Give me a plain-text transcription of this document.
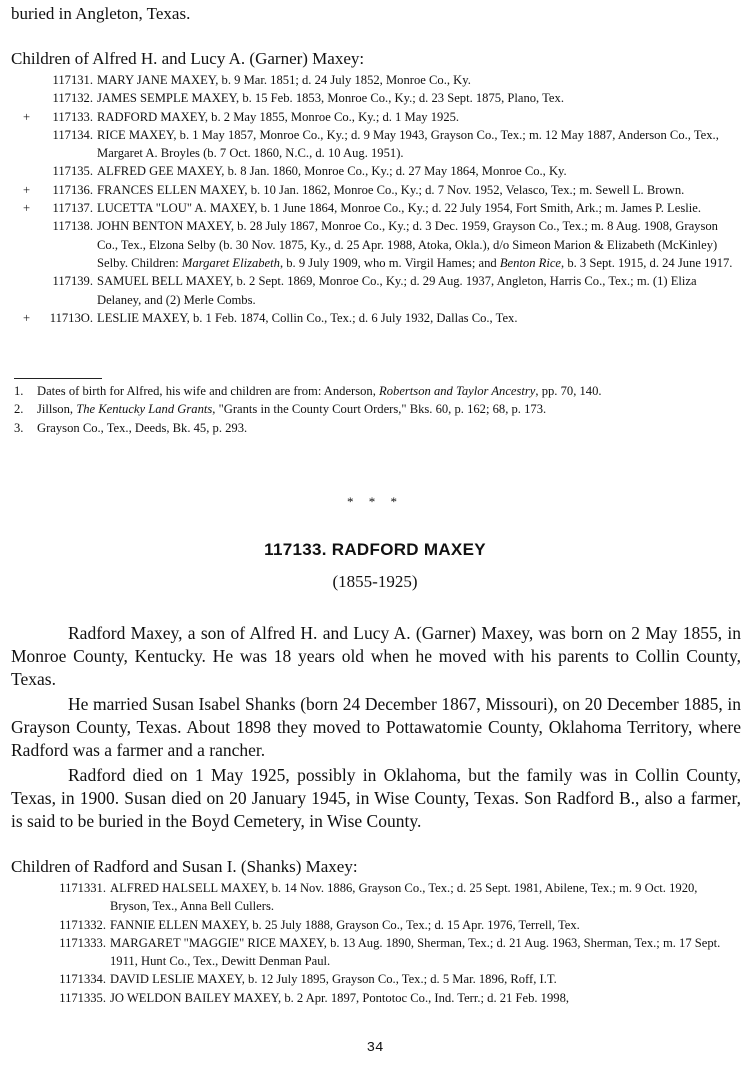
buried in Angleton, Texas.
Children of Alfred H. and Lucy A. (Garner) Maxey:
117131. MARY JANE MAXEY, b. 9 Mar. 1851; d. 24 July 1852, Monroe Co., Ky.
117132. JAMES SEMPLE MAXEY, b. 15 Feb. 1853, Monroe Co., Ky.; d. 23 Sept. 1875, Plano, Tex.
+	117133. RADFORD MAXEY, b. 2 May 1855, Monroe Co., Ky.; d. 1 May 1925.
117134. RICE MAXEY, b. 1 May 1857, Monroe Co., Ky.; d. 9 May 1943, Grayson Co., Tex.; m. 12 May 1887, Anderson Co., Tex., Margaret A. Broyles (b. 7 Oct. 1860, N.C., d. 10 Aug. 1951).
117135. ALFRED GEE MAXEY, b. 8 Jan. 1860, Monroe Co., Ky.; d. 27 May 1864, Monroe Co., Ky.
+	117136. FRANCES ELLEN MAXEY, b. 10 Jan. 1862, Monroe Co., Ky.; d. 7 Nov. 1952, Velasco, Tex.; m. Sewell L. Brown.
+	117137. LUCETTA "LOU" A. MAXEY, b. 1 June 1864, Monroe Co., Ky.; d. 22 July 1954, Fort Smith, Ark.; m. James P. Leslie.
117138. JOHN BENTON MAXEY, b. 28 July 1867, Monroe Co., Ky.; d. 3 Dec. 1959, Grayson Co., Tex.; m. 8 Aug. 1908, Grayson Co., Tex., Elzona Selby (b. 30 Nov. 1875, Ky., d. 25 Apr. 1988, Atoka, Okla.), d/o Simeon Marion & Elizabeth (McKinley) Selby. Children: Margaret Elizabeth, b. 9 July 1909, who m. Virgil Hames; and Benton Rice, b. 3 Sept. 1915, d. 24 June 1917.
117139. SAMUEL BELL MAXEY, b. 2 Sept. 1869, Monroe Co., Ky.; d. 29 Aug. 1937, Angleton, Harris Co., Tex.; m. (1) Eliza Delaney, and (2) Merle Combs.
+	11713O. LESLIE MAXEY, b. 1 Feb. 1874, Collin Co., Tex.; d. 6 July 1932, Dallas Co., Tex.
1. Dates of birth for Alfred, his wife and children are from: Anderson, Robertson and Taylor Ancestry, pp. 70, 140.
2. Jillson, The Kentucky Land Grants, "Grants in the County Court Orders," Bks. 60, p. 162; 68, p. 173.
3. Grayson Co., Tex., Deeds, Bk. 45, p. 293.
* * *
117133. RADFORD MAXEY
(1855-1925)

Radford Maxey, a son of Alfred H. and Lucy A. (Garner) Maxey, was born on 2 May 1855, in Monroe County, Kentucky. He was 18 years old when he moved with his parents to Collin County, Texas.

He married Susan Isabel Shanks (born 24 December 1867, Missouri), on 20 December 1885, in Grayson County, Texas. About 1898 they moved to Pottawatomie County, Oklahoma Territory, where Radford was a farmer and a rancher.

Radford died on 1 May 1925, possibly in Oklahoma, but the family was in Collin County, Texas, in 1900. Susan died on 20 January 1945, in Wise County, Texas. Son Radford B., also a farmer, is said to be buried in the Boyd Cemetery, in Wise County.

Children of Radford and Susan I. (Shanks) Maxey:
1171331. ALFRED HALSELL MAXEY, b. 14 Nov. 1886, Grayson Co., Tex.; d. 25 Sept. 1981, Abilene, Tex.; m. 9 Oct. 1920, Bryson, Tex., Anna Bell Cullers.
1171332. FANNIE ELLEN MAXEY, b. 25 July 1888, Grayson Co., Tex.; d. 15 Apr. 1976, Terrell, Tex.
1171333. MARGARET "MAGGIE" RICE MAXEY, b. 13 Aug. 1890, Sherman, Tex.; d. 21 Aug. 1963, Sherman, Tex.; m. 17 Sept. 1911, Hunt Co., Tex., Dewitt Denman Paul.
1171334. DAVID LESLIE MAXEY, b. 12 July 1895, Grayson Co., Tex.; d. 5 Mar. 1896, Roff, I.T.
1171335. JO WELDON BAILEY MAXEY, b. 2 Apr. 1897, Pontotoc Co., Ind. Terr.; d. 21 Feb. 1998,
34
